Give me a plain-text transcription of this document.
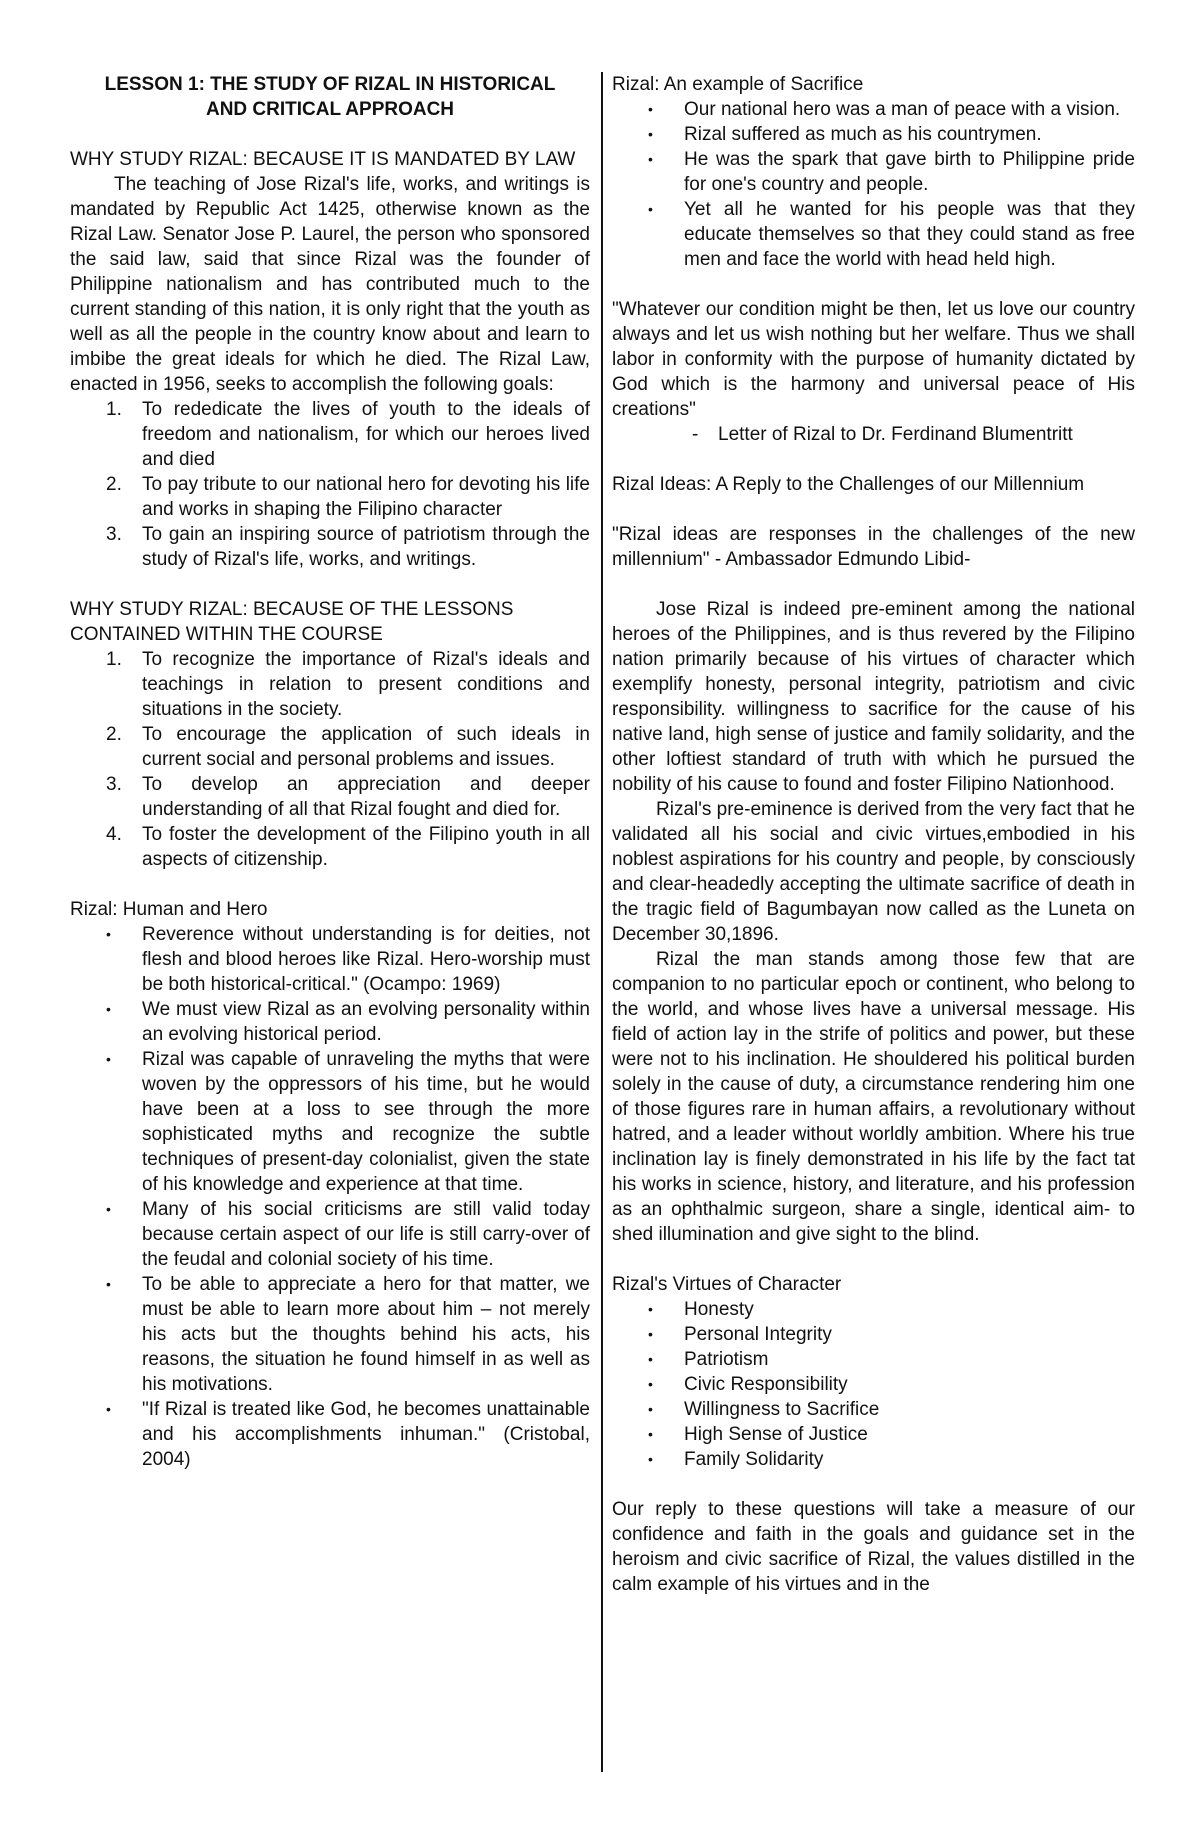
LESSON 1: THE STUDY OF RIZAL IN HISTORICAL
AND CRITICAL APPROACH
WHY STUDY RIZAL: BECAUSE IT IS MANDATED BY LAW

The teaching of Jose Rizal's life, works, and writings is mandated by Republic Act 1425, otherwise known as the Rizal Law. Senator Jose P. Laurel, the person who sponsored the said law, said that since Rizal was the founder of Philippine nationalism and has contributed much to the current standing of this nation, it is only right that the youth as well as all the people in the country know about and learn to imbibe the great ideals for which he died. The Rizal Law, enacted in 1956, seeks to accomplish the following goals:

1. To rededicate the lives of youth to the ideals of freedom and nationalism, for which our heroes lived and died
2. To pay tribute to our national hero for devoting his life and works in shaping the Filipino character
3. To gain an inspiring source of patriotism through the study of Rizal's life, works, and writings.
WHY STUDY RIZAL: BECAUSE OF THE LESSONS CONTAINED WITHIN THE COURSE
1. To recognize the importance of Rizal's ideals and teachings in relation to present conditions and situations in the society.
2. To encourage the application of such ideals in current social and personal problems and issues.
3. To develop an appreciation and deeper understanding of all that Rizal fought and died for.
4. To foster the development of the Filipino youth in all aspects of citizenship.
Rizal: Human and Hero
• Reverence without understanding is for deities, not flesh and blood heroes like Rizal. Hero-worship must be both historical-critical." (Ocampo: 1969)
• We must view Rizal as an evolving personality within an evolving historical period.
• Rizal was capable of unraveling the myths that were woven by the oppressors of his time, but he would have been at a loss to see through the more sophisticated myths and recognize the subtle techniques of present-day colonialist, given the state of his knowledge and experience at that time.
• Many of his social criticisms are still valid today because certain aspect of our life is still carry-over of the feudal and colonial society of his time.
• To be able to appreciate a hero for that matter, we must be able to learn more about him – not merely his acts but the thoughts behind his acts, his reasons, the situation he found himself in as well as his motivations.
• "If Rizal is treated like God, he becomes unattainable and his accomplishments inhuman." (Cristobal, 2004)
Rizal: An example of Sacrifice
• Our national hero was a man of peace with a vision.
• Rizal suffered as much as his countrymen.
• He was the spark that gave birth to Philippine pride for one's country and people.
• Yet all he wanted for his people was that they educate themselves so that they could stand as free men and face the world with head held high.

"Whatever our condition might be then, let us love our country always and let us wish nothing but her welfare. Thus we shall labor in conformity with the purpose of humanity dictated by God which is the harmony and universal peace of His creations"

- Letter of Rizal to Dr. Ferdinand Blumentritt

Rizal Ideas: A Reply to the Challenges of our Millennium

"Rizal ideas are responses in the challenges of the new millennium" - Ambassador Edmundo Libid-

Jose Rizal is indeed pre-eminent among the national heroes of the Philippines, and is thus revered by the Filipino nation primarily because of his virtues of character which exemplify honesty, personal integrity, patriotism and civic responsibility. willingness to sacrifice for the cause of his native land, high sense of justice and family solidarity, and the other loftiest standard of truth with which he pursued the nobility of his cause to found and foster Filipino Nationhood.

Rizal's pre-eminence is derived from the very fact that he validated all his social and civic virtues,embodied in his noblest aspirations for his country and people, by consciously and clear-headedly accepting the ultimate sacrifice of death in the tragic field of Bagumbayan now called as the Luneta on December 30,1896.

Rizal the man stands among those few that are companion to no particular epoch or continent, who belong to the world, and whose lives have a universal message. His field of action lay in the strife of politics and power, but these were not to his inclination. He shouldered his political burden solely in the cause of duty, a circumstance rendering him one of those figures rare in human affairs, a revolutionary without hatred, and a leader without worldly ambition. Where his true inclination lay is finely demonstrated in his life by the fact tat his works in science, history, and literature, and his profession as an ophthalmic surgeon, share a single, identical aim- to shed illumination and give sight to the blind.

Rizal's Virtues of Character
• Honesty
• Personal Integrity
• Patriotism
• Civic Responsibility
• Willingness to Sacrifice
• High Sense of Justice
• Family Solidarity

Our reply to these questions will take a measure of our confidence and faith in the goals and guidance set in the heroism and civic sacrifice of Rizal, the values distilled in the calm example of his virtues and in the
